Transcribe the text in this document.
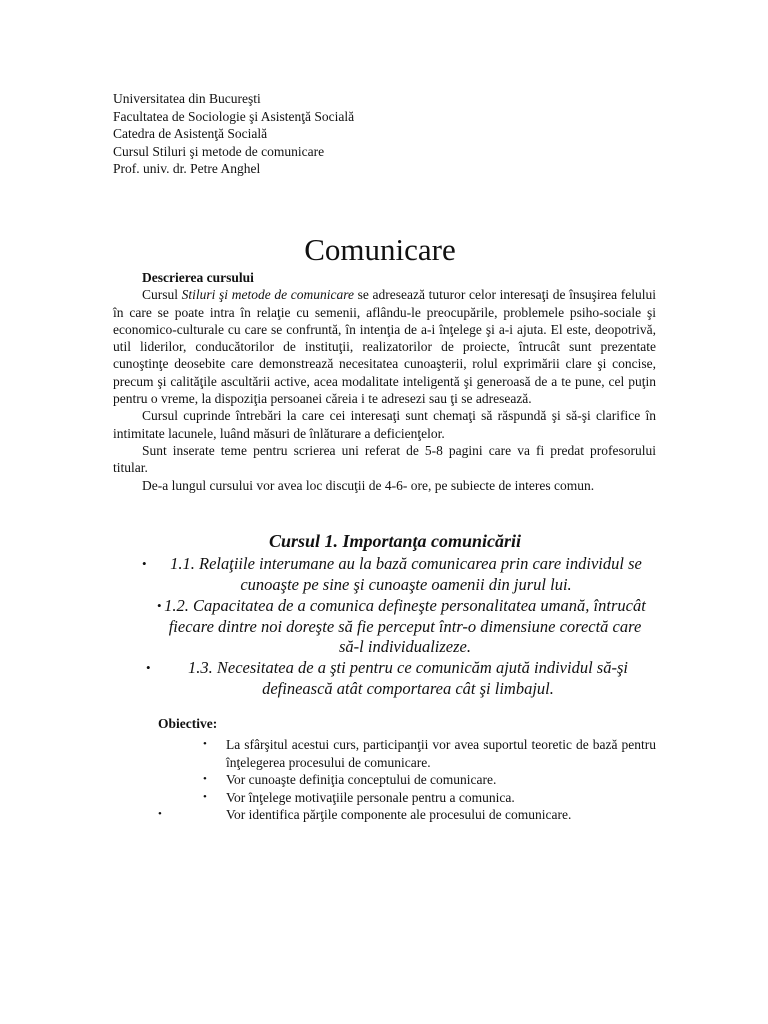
Universitatea din Bucureşti
Facultatea de Sociologie şi Asistenţă Socială
Catedra de Asistenţă Socială
Cursul Stiluri şi metode de comunicare
Prof. univ. dr. Petre Anghel
Comunicare
Descrierea cursului

Cursul Stiluri şi metode de comunicare se adresează tuturor celor interesaţi de însuşirea felului în care se poate intra în relaţie cu semenii, aflându-le preocupările, problemele psiho-sociale şi economico-culturale cu care se confruntă, în intenţia de a-i înţelege şi a-i ajuta. El este, deopotrivă, util liderilor, conducătorilor de instituţii, realizatorilor de proiecte, întrucât sunt prezentate cunoştinţe deosebite care demonstrează necesitatea cunoaşterii, rolul exprimării clare şi concise, precum şi calităţile ascultării active, acea modalitate inteligentă şi generoasă de a te pune, cel puţin pentru o vreme, la dispoziţia persoanei căreia i te adresezi sau ţi se adresează.

Cursul cuprinde întrebări la care cei interesaţi sunt chemaţi să răspundă şi să-şi clarifice în intimitate lacunele, luând măsuri de înlăturare a deficienţelor.

Sunt inserate teme pentru scrierea uni referat de 5-8 pagini care va fi predat profesorului titular.

De-a lungul cursului vor avea loc discuţii de 4-6- ore, pe subiecte de interes comun.

Cursul 1. Importanţa comunicării
• 1.1. Relaţiile interumane au la bază comunicarea prin care individul se cunoaşte pe sine şi cunoaşte oamenii din jurul lui.
• 1.2. Capacitatea de a comunica defineşte personalitatea umană, întrucât fiecare dintre noi doreşte să fie perceput într-o dimensiune corectă care să-l individualizeze.
• 1.3. Necesitatea de a şti pentru ce comunicăm ajută individul să-şi definească atât comportarea cât şi limbajul.
Obiective:
• La sfârşitul acestui curs, participanţii vor avea suportul teoretic de bază pentru înţelegerea procesului de comunicare.
• Vor cunoaşte definiţia conceptului de comunicare.
• Vor înţelege motivaţiile personale pentru a comunica.
•	Vor identifica părţile componente ale procesului de comunicare.
